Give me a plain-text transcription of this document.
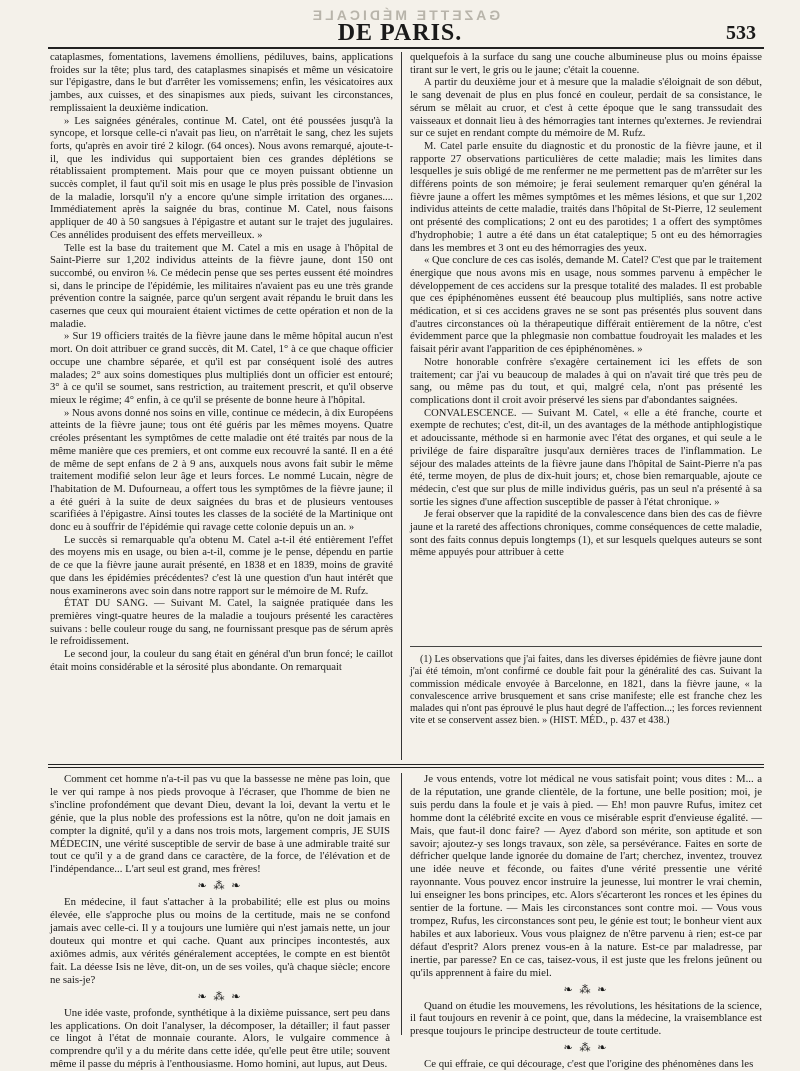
GAZETTE MÉDICALE
DE PARIS.	533

cataplasmes, fomentations, lavemens émolliens, pédiluves, bains, applications froides sur la tête; plus tard, des cataplasmes sinapisés et même un vésicatoire sur l'épigastre, dans le but d'arrêter les vomissemens; enfin, les vésicatoires aux jambes, aux cuisses, et des sinapismes aux pieds, suivant les circonstances, remplissaient la deuxième indication.

» Les saignées générales, continue M. Catel, ont été poussées jusqu'à la syncope, et lorsque celle-ci n'avait pas lieu, on n'arrêtait le sang, chez les sujets forts, qu'après en avoir tiré 2 kilogr. (64 onces). Nous avons remarqué, ajoute-t-il, que les individus qui supportaient bien ces grandes déplétions se rétablissaient promptement. Mais pour que ce moyen puissant obtienne un succès complet, il faut qu'il soit mis en usage le plus près possible de l'invasion de la maladie, lorsqu'il n'y a encore qu'une simple irritation des organes.... Immédiatement après la saignée du bras, continue M. Catel, nous faisons appliquer de 40 à 50 sangsues à l'épigastre et autant sur le trajet des jugulaires. Ces annélides produisent des effets merveilleux. »

Telle est la base du traitement que M. Catel a mis en usage à l'hôpital de Saint-Pierre sur 1,202 individus atteints de la fièvre jaune, dont 150 ont succombé, ou environ ⅛. Ce médecin pense que ses pertes eussent été moindres si, dans le principe de l'épidémie, les militaires n'avaient pas eu une très grande prévention contre la saignée, parce qu'un sergent avait répandu le bruit dans les casernes que ceux qui mouraient étaient victimes de cette opération et non de la maladie.

» Sur 19 officiers traités de la fièvre jaune dans le même hôpital aucun n'est mort. On doit attribuer ce grand succès, dit M. Catel, 1° à ce que chaque officier occupe une chambre séparée, et qu'il est par conséquent isolé des autres malades; 2° aux soins domestiques plus multipliés dont un officier est entouré; 3° à ce qu'il se soumet, sans restriction, au traitement prescrit, et qu'il observe mieux le régime; 4° enfin, à ce qu'il se présente de bonne heure à l'hôpital.

» Nous avons donné nos soins en ville, continue ce médecin, à dix Européens atteints de la fièvre jaune; tous ont été guéris par les mêmes moyens. Quatre créoles présentant les symptômes de cette maladie ont été traités par nous de la même manière que ces premiers, et ont comme eux recouvré la santé. Il en a été de même de sept enfans de 2 à 9 ans, auxquels nous avons fait subir le même traitement modifié selon leur âge et leurs forces. Le nommé Lucain, nègre de l'habitation de M. Dufourneau, a offert tous les symptômes de la fièvre jaune; il a été guéri à la suite de deux saignées du bras et de plusieurs ventouses scarifiées à l'épigastre. Ainsi toutes les classes de la société de la Martinique ont donc eu à souffrir de l'épidémie qui ravage cette colonie depuis un an. »

Le succès si remarquable qu'a obtenu M. Catel a-t-il été entièrement l'effet des moyens mis en usage, ou bien a-t-il, comme je le pense, dépendu en partie de ce que la fièvre jaune aurait présenté, en 1838 et en 1839, moins de gravité que dans les épidémies précédentes? c'est là une question d'un haut intérêt que nous examinerons avec soin dans notre rapport sur le mémoire de M. Rufz.

ÉTAT DU SANG. — Suivant M. Catel, la saignée pratiquée dans les premières vingt-quatre heures de la maladie a toujours présenté les caractères suivans : belle couleur rouge du sang, ne fournissant presque pas de sérum après le refroidissement.

Le second jour, la couleur du sang était en général d'un brun foncé; le caillot était moins considérable et la sérosité plus abondante. On remarquait

quelquefois à la surface du sang une couche albumineuse plus ou moins épaisse tirant sur le vert, le gris ou le jaune; c'était la couenne.

A partir du deuxième jour et à mesure que la maladie s'éloignait de son début, le sang devenait de plus en plus foncé en couleur, perdait de sa consistance, le sérum se mêlait au cruor, et c'est à cette époque que le sang transsudait des vaisseaux et donnait lieu à des hémorragies tant internes qu'externes. Je reviendrai sur ce sujet en rendant compte du mémoire de M. Rufz.

M. Catel parle ensuite du diagnostic et du pronostic de la fièvre jaune, et il rapporte 27 observations particulières de cette maladie; mais les limites dans lesquelles je suis obligé de me renfermer ne me permettent pas de m'arrêter sur les différens points de son mémoire; je ferai seulement remarquer qu'en général la fièvre jaune a offert les mêmes symptômes et les mêmes lésions, et que sur 1,202 individus atteints de cette maladie, traités dans l'hôpital de St-Pierre, 12 seulement ont présenté des complications; 2 ont eu des parotides; 1 a offert des symptômes d'hydrophobie; 1 autre a été dans un état cataleptique; 5 ont eu des hémorragies dans les membres et 3 ont eu des hémorragies des yeux.

« Que conclure de ces cas isolés, demande M. Catel? C'est que par le traitement énergique que nous avons mis en usage, nous sommes parvenu à empêcher le développement de ces accidens sur la presque totalité des malades. Il est probable que ces épiphénomènes eussent été beaucoup plus multipliés, sans notre active médication, et si ces accidens graves ne se sont pas présentés plus souvent dans d'autres circonstances où la thérapeutique différait entièrement de la nôtre, c'est évidemment parce que la phlegmasie non combattue foudroyait les malades et les faisait périr avant l'apparition de ces épiphénomènes. »

Notre honorable confrère s'exagère certainement ici les effets de son traitement; car j'ai vu beaucoup de malades à qui on n'avait tiré que très peu de sang, ou même pas du tout, et qui, malgré cela, n'ont pas présenté les complications dont il croit avoir préservé les siens par d'abondantes saignées.

CONVALESCENCE. — Suivant M. Catel, « elle a été franche, courte et exempte de rechutes; c'est, dit-il, un des avantages de la méthode antiphlogistique et adoucissante, méthode si en harmonie avec l'état des organes, et qui seule a le privilége de faire disparaître jusqu'aux dernières traces de l'inflammation. Le séjour des malades atteints de la fièvre jaune dans l'hôpital de Saint-Pierre n'a pas été, terme moyen, de plus de dix-huit jours; et, chose bien remarquable, ajoute ce médecin, c'est que sur plus de mille individus guéris, pas un seul n'a présenté à sa sortie les signes d'une affection susceptible de passer à l'état chronique. »

Je ferai observer que la rapidité de la convalescence dans bien des cas de fièvre jaune et la rareté des affections chroniques, comme conséquences de cette maladie, sont des faits connus depuis longtemps (1), et sur lesquels quelques auteurs se sont même appuyés pour attribuer à cette

(1) Les observations que j'ai faites, dans les diverses épidémies de fièvre jaune dont j'ai été témoin, m'ont confirmé ce double fait pour la généralité des cas. Suivant la commission médicale envoyée à Barcelonne, en 1821, dans la fièvre jaune, « la convalescence arrive brusquement et sans crise manifeste; elle est franche chez les malades qui n'ont pas éprouvé le plus haut degré de l'affection...; les forces reviennent vite et se conservent assez bien. » (HIST. MÉD., p. 437 et 438.)

Comment cet homme n'a-t-il pas vu que la bassesse ne mène pas loin, que le ver qui rampe à nos pieds provoque à l'écraser, que l'homme de bien ne s'incline profondément que devant Dieu, devant la loi, devant la vertu et le génie, que la plus noble des professions est la nôtre, qu'on ne doit jamais en compter la dignité, qu'il y a dans nos trois mots, largement compris, JE SUIS MÉDECIN, une vérité susceptible de servir de base à une admirable traité sur tout ce qu'il y a de grand dans ce caractère, de la force, de l'élévation et de l'indépendance... L'art seul est grand, mes frères!

❧ ⁂ ❧

En médecine, il faut s'attacher à la probabilité; elle est plus ou moins élevée, elle s'approche plus ou moins de la certitude, mais ne se confond jamais avec celle-ci. Il y a toujours une lumière qui n'est jamais nette, un jour douteux qui montre et qui cache. Quant aux principes incontestés, aux axiômes admis, aux vérités généralement acceptées, le compte en est bientôt fait. La déesse Isis ne lève, dit-on, un de ses voiles, qu'à chaque siècle; encore ne sais-je?

❧ ⁂ ❧

Une idée vaste, profonde, synthétique à la dixième puissance, sert peu dans les applications. On doit l'analyser, la décomposer, la détailler; il faut passer ce lingot à l'état de monnaie courante. Alors, le vulgaire commence à comprendre qu'il y a du mérite dans cette idée, qu'elle peut être utile; souvent même il passe du mépris à l'enthousiasme. Homo homini, aut lupus, aut Deus.

Je vous entends, votre lot médical ne vous satisfait point; vous dites : M... a de la réputation, une grande clientèle, de la fortune, une belle position; moi, je suis perdu dans la foule et je vais à pied. — Eh! mon pauvre Rufus, imitez cet homme dont la célébrité excite en vous ce misérable esprit d'envieuse égalité. — Mais, que faut-il donc faire? — Ayez d'abord son mérite, son aptitude et son savoir; ajoutez-y ses longs travaux, son zèle, sa persévérance. Faites en sorte de défricher quelque lande ignorée du domaine de l'art; cherchez, inventez, trouvez une idée neuve et féconde, ou faites d'une vérité pressentie une vérité rayonnante. Vous pouvez encor instruire la jeunesse, lui montrer le vrai chemin, lui enseigner les bons principes, etc. Alors s'écarteront les ronces et les épines du sentier de la fortune. — Mais les circonstances sont contre moi. — Vous vous trompez, Rufus, les circonstances sont peu, le génie est tout; le bonheur vient aux habiles et aux laborieux. Vous vous plaignez de n'être parvenu à rien; est-ce par défaut d'esprit? Alors prenez vous-en à la nature. Est-ce par maladresse, par inertie, par paresse? En ce cas, taisez-vous, il est juste que les frelons jeûnent ou qu'ils apprennent à faire du miel.

❧ ⁂ ❧

Quand on étudie les mouvemens, les révolutions, les hésitations de la science, il faut toujours en revenir à ce point, que, dans la médecine, la vraisemblance est presque toujours le principe destructeur de toute certitude.

❧ ⁂ ❧

Ce qui effraie, ce qui décourage, c'est que l'origine des phénomènes dans les
